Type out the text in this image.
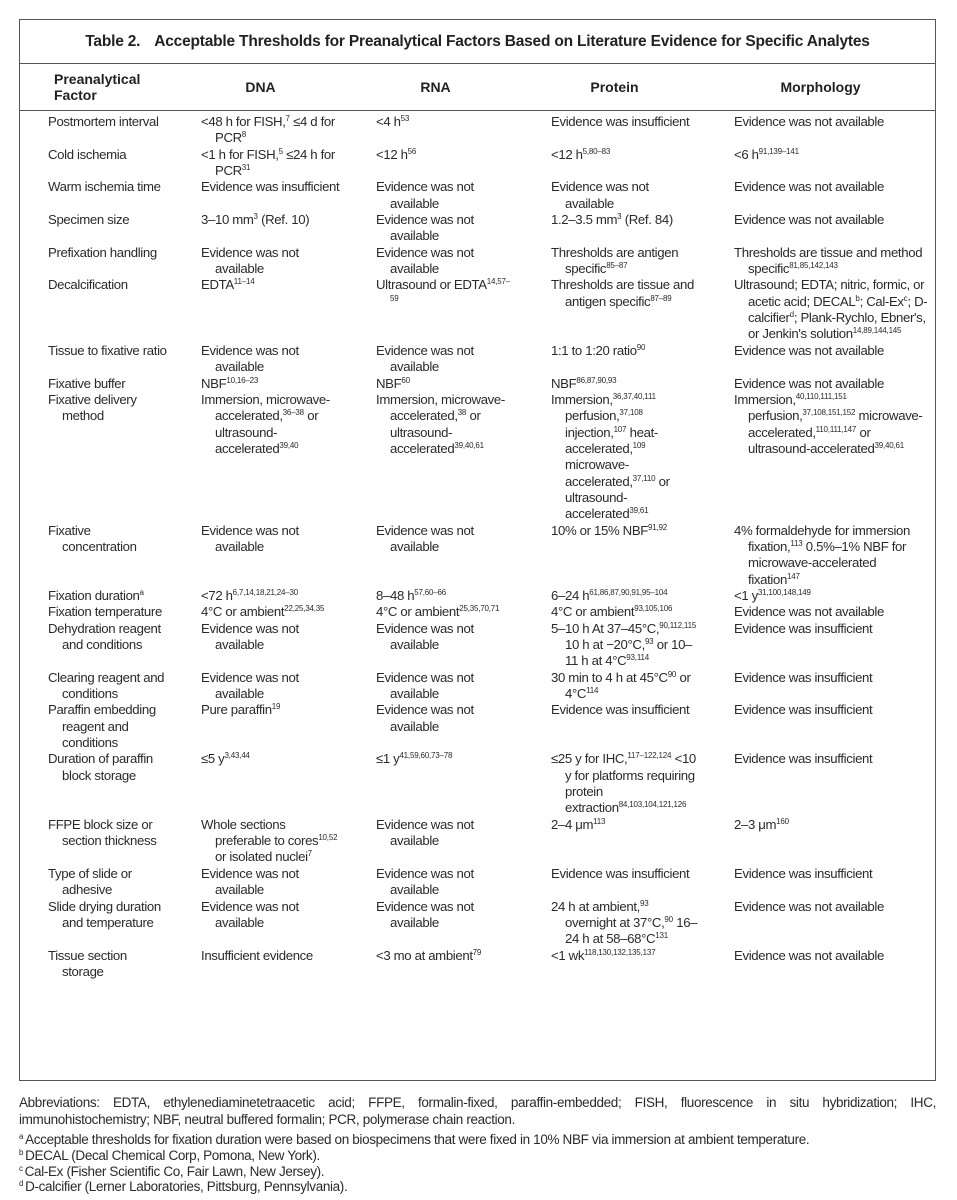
Table 2. Acceptable Thresholds for Preanalytical Factors Based on Literature Evidence for Specific Analytes
Preanalytical Factor	DNA	RNA	Protein	Morphology

Postmortem interval	<48 h for FISH,$^7$ ≤4 d for $PCR^8$	<4 $h^{53}$	Evidence was insufficient	Evidence was not available

Cold ischemia	<1 h for FISH,$^5$ ≤24 h for $PCR^{31}$	<12 $h^{56}$	<12 $h^{5,80-83}$	<6 $h^{91,139-141}$

Warm ischemia time	Evidence was insufficient	Evidence was not available	Evidence was not available	Evidence was not available

Specimen size	3–10 $mm^3$ (Ref. 10)	Evidence was not available	1.2–3.5 $mm^3$ (Ref. 84)	Evidence was not available

Prefixation handling	Evidence was not available	Evidence was not available	Thresholds are antigen specific$^{85-87}$	Thresholds are tissue and method specific$^{81,85,142,143}$

Decalcification	EDTA$^{11-14}$	Ultrasound or EDTA$^{14,57-59}$	Thresholds are tissue and antigen specific$^{87-89}$	Ultrasound; EDTA; nitric, formic, or acetic acid; DECAL$^b$; Cal-Ex$^c$; D-calcifier$^d$; Plank-Rychlo, Ebner's, or Jenkin's solution$^{14,89,144,145}$

Tissue to fixative ratio	Evidence was not available	Evidence was not available	1:1 to 1:20 ratio$^{90}$	Evidence was not available

Fixative buffer	NBF$^{10,16-23}$	NBF$^{60}$	NBF$^{86,87,90,93}$	Evidence was not available

Fixative delivery method	Immersion, microwave-accelerated,$^{36-38}$ or ultrasound-accelerated$^{39,40}$	Immersion, microwave-accelerated,$^{38}$ or ultrasound-accelerated$^{39,40,61}$	Immersion,$^{36,37,40,111}$ perfusion,$^{37,108}$ injection,$^{107}$ heat-accelerated,$^{109}$ microwave-accelerated,$^{37,110}$ or ultrasound-accelerated$^{39,61}$	Immersion,$^{40,110,111,151}$ perfusion,$^{37,108,151,152}$ microwave-accelerated,$^{110,111,147}$ or ultrasound-accelerated$^{39,40,61}$

Fixative concentration	Evidence was not available	Evidence was not available	10% or 15% NBF$^{91,92}$	4% formaldehyde for immersion fixation,$^{113}$ 0.5%–1% NBF for microwave-accelerated fixation$^{147}$

Fixation duration$^a$	<72 $h^{6,7,14,18,21,24-30}$	8–48 $h^{57,60-66}$	6–24 $h^{61,86,87,90,91,95-104}$	<1 $y^{31,100,148,149}$

Fixation temperature	4°C or ambient$^{22,25,34,35}$	4°C or ambient$^{25,35,70,71}$	4°C or ambient$^{93,105,106}$	Evidence was not available

Dehydration reagent and conditions	Evidence was not available	Evidence was not available	5–10 h At 37–45°C,$^{90,112,115}$ 10 h at −20°C,$^{93}$ or 10–11 h at $4^\circ C^{93,114}$	Evidence was insufficient

Clearing reagent and conditions	Evidence was not available	Evidence was not available	30 min to 4 h at $45^\circ C^{90}$ or $4^\circ C^{114}$	Evidence was insufficient

Paraffin embedding reagent and conditions	Pure paraffin$^{19}$	Evidence was not available	Evidence was insufficient	Evidence was insufficient

Duration of paraffin block storage	≤5 $y^{3,43,44}$	≤1 $y^{41,59,60,73-78}$	≤25 y for IHC,$^{117-122,124}$ <10 y for platforms requiring protein extraction$^{84,103,104,121,126}$	Evidence was insufficient

FFPE block size or section thickness	Whole sections preferable to cores$^{10,52}$ or isolated nuclei$^7$	Evidence was not available	2–4 $\mu m^{113}$	2–3 $\mu m^{160}$

Type of slide or adhesive	Evidence was not available	Evidence was not available	Evidence was insufficient	Evidence was insufficient

Slide drying duration and temperature	Evidence was not available	Evidence was not available	24 h at ambient,$^{93}$ overnight at 37°C,$^{90}$ 16–24 h at $58-68^\circ C^{131}$	Evidence was not available

Tissue section storage	Insufficient evidence	<3 mo at ambient$^{79}$	<1 wk$^{118,130,132,135,137}$	Evidence was not available
Abbreviations: EDTA, ethylenediaminetetraacetic acid; FFPE, formalin-fixed, paraffin-embedded; FISH, fluorescence in situ hybridization; IHC, immunohistochemistry; NBF, neutral buffered formalin; PCR, polymerase chain reaction.
$^a$ Acceptable thresholds for fixation duration were based on biospecimens that were fixed in 10% NBF via immersion at ambient temperature.
$^b$ DECAL (Decal Chemical Corp, Pomona, New York).
$^c$ Cal-Ex (Fisher Scientific Co, Fair Lawn, New Jersey).
$^d$ D-calcifier (Lerner Laboratories, Pittsburg, Pennsylvania).
